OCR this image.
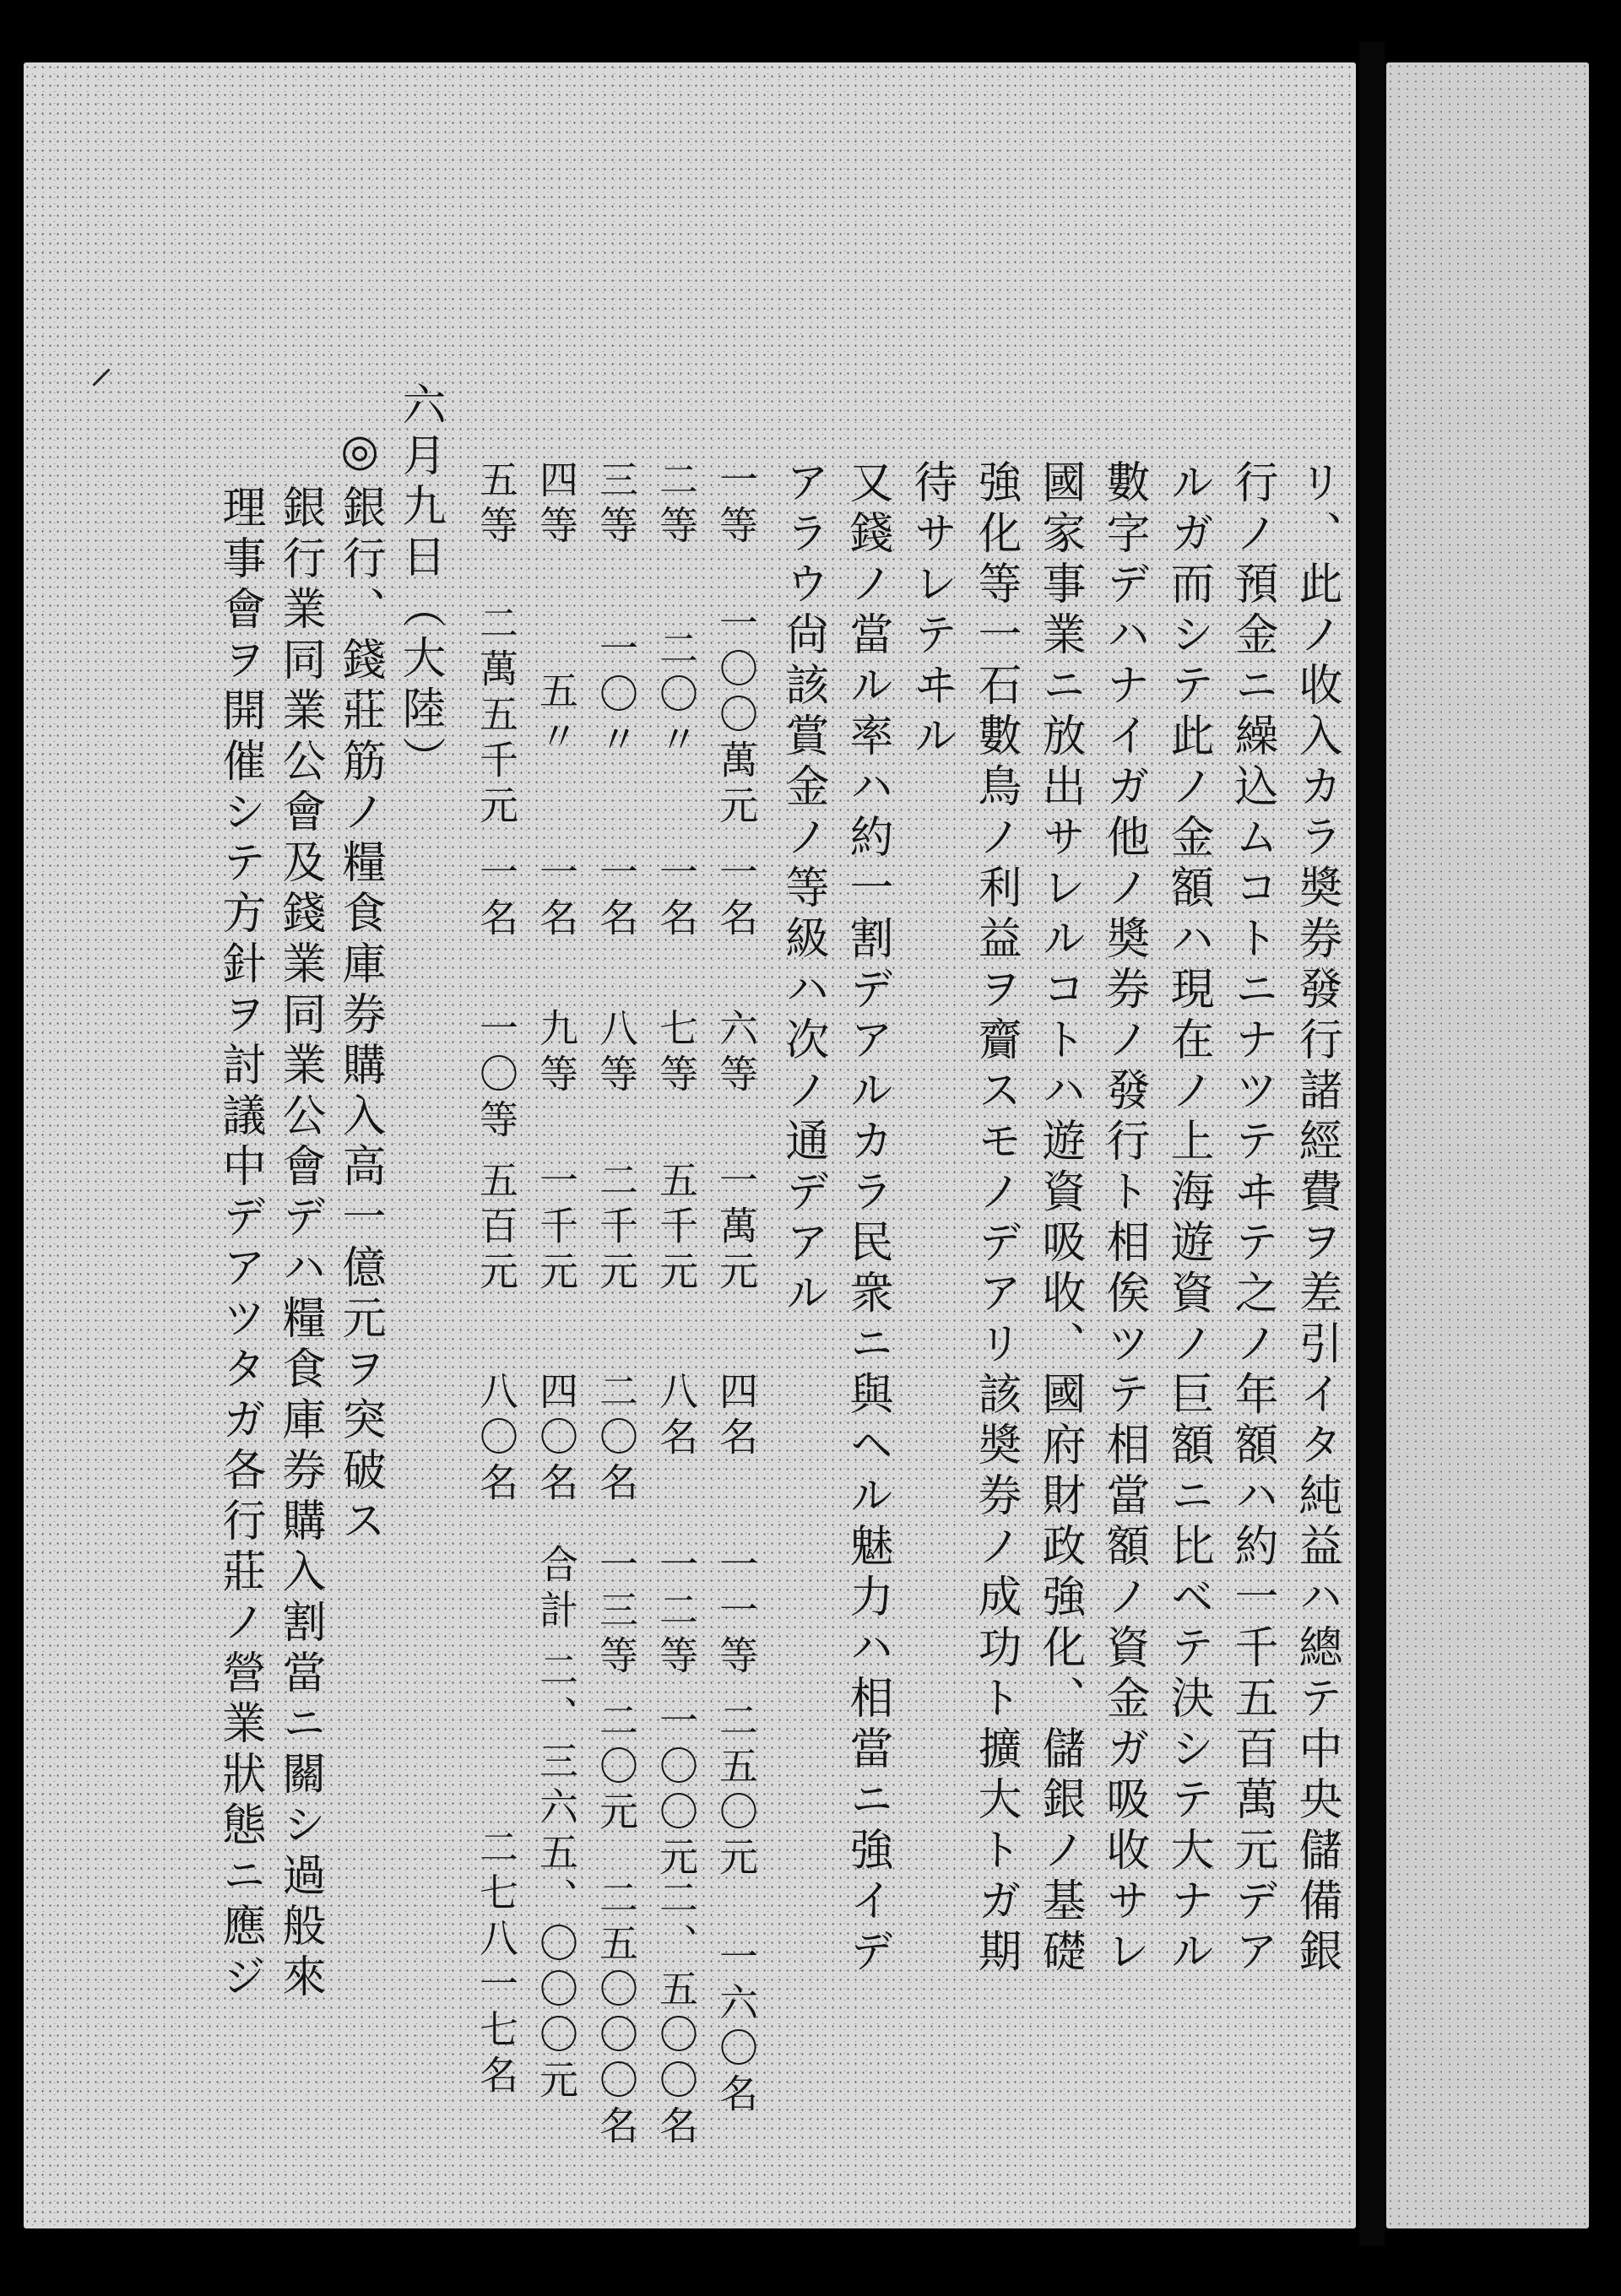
リ、此ノ收入カラ奬券發行諸經費ヲ差引イタ純益ハ總テ中央儲備銀
行ノ預金ニ繰込ムコトニナツテヰテ之ノ年額ハ約一千五百萬元デア
ルガ而シテ此ノ金額ハ現在ノ上海遊資ノ巨額ニ比ベテ決シテ大ナル
數字デハナイガ他ノ奬券ノ發行ト相俟ツテ相當額ノ資金ガ吸收サレ
國家事業ニ放出サレルコトハ遊資吸收、國府財政強化、儲銀ノ基礎
強化等一石數鳥ノ利益ヲ齎スモノデアリ該奬券ノ成功ト擴大トガ期
待サレテヰル
又錢ノ當ル率ハ約一割デアルカラ民衆ニ與ヘル魅力ハ相當ニ強イデ
アラウ尙該賞金ノ等級ハ次ノ通デアル
一等
一〇〇萬元
一名
二等
二〇〃
一名
三等
一〇〃
一名
四等
五〃
一名
五等
二萬五千元
一名
六等
一萬元
四名
七等
五千元
八名
八等
二千元
二〇名
九等
一千元
四〇名
一〇等
五百元
八〇名
一一等
二五〇元
一六〇名
一二等
一〇〇元
二、五〇〇名
一三等
二〇元
二五〇〇〇名
合計
二、三六五、〇〇〇元
二七八一七名
六月九日（大陸）
◎
銀行、錢莊筋ノ糧食庫券購入高一億元ヲ突破ス
銀行業同業公會及錢業同業公會デハ糧食庫券購入割當ニ關シ過般來
理事會ヲ開催シテ方針ヲ討議中デアツタガ各行莊ノ營業狀態ニ應ジ
⸝
